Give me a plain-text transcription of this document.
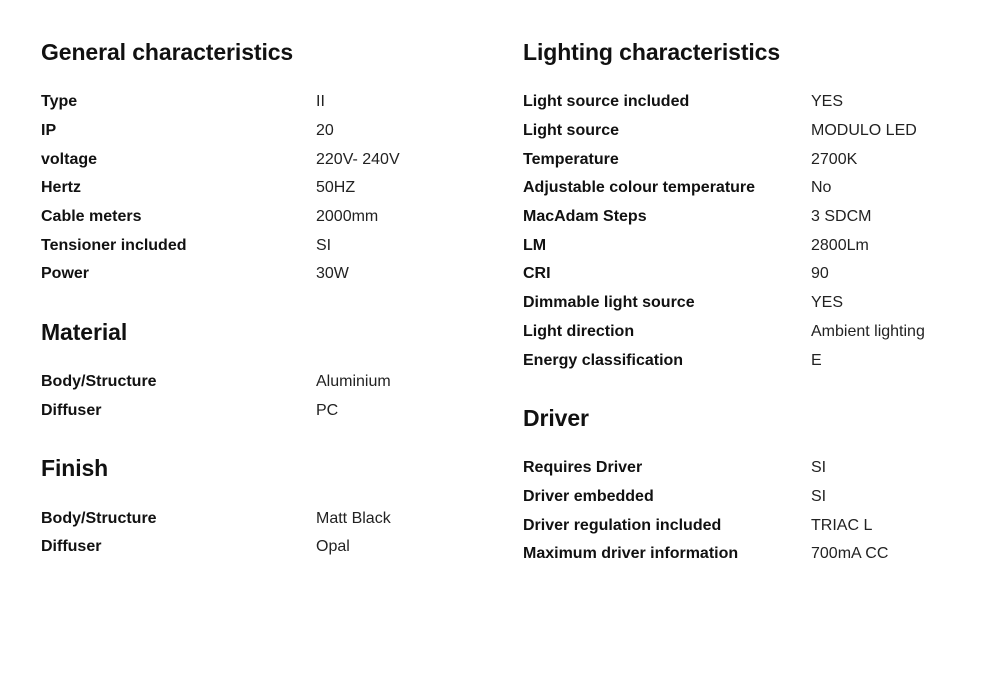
General characteristics
Type	II
IP	20
voltage	220V- 240V
Hertz	50HZ
Cable meters	2000mm
Tensioner included	SI
Power	30W
Material
Body/Structure	Aluminium
Diffuser	PC
Finish
Body/Structure	Matt Black
Diffuser	Opal
Lighting characteristics
Light source included	YES
Light source	MODULO LED
Temperature	2700K
Adjustable colour temperature	No
MacAdam Steps	3 SDCM
LM	2800Lm
CRI	90
Dimmable light source	YES
Light direction	Ambient lighting
Energy classification	E
Driver
Requires Driver	SI
Driver embedded	SI
Driver regulation included	TRIAC L
Maximum driver information	700mA CC
